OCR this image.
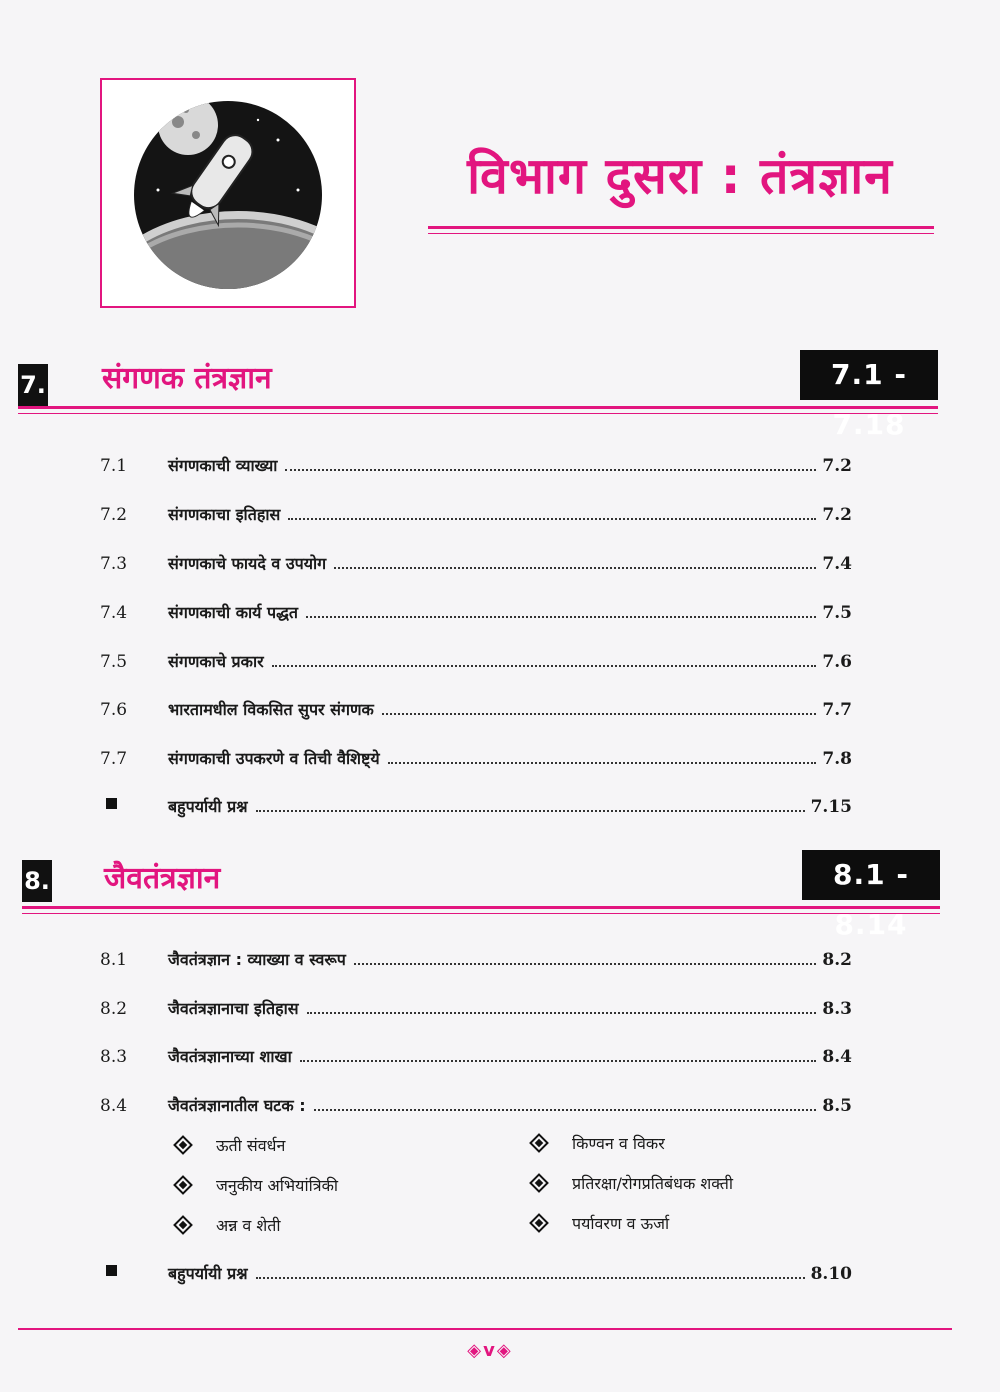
विभाग दुसरा : तंत्रज्ञान
7. संगणक तंत्रज्ञान	7.1 - 7.18
7.1	संगणकाची व्याख्या	7.2
7.2	संगणकाचा इतिहास	7.2
7.3	संगणकाचे फायदे व उपयोग	7.4
7.4	संगणकाची कार्य पद्धत	7.5
7.5	संगणकाचे प्रकार	7.6
7.6	भारतामधील विकसित सुपर संगणक	7.7
7.7	संगणकाची उपकरणे व तिची वैशिष्ट्ये	7.8
बहुपर्यायी प्रश्न	7.15
8. जैवतंत्रज्ञान	8.1 - 8.14
8.1	जैवतंत्रज्ञान : व्याख्या व स्वरूप	8.2
8.2	जैवतंत्रज्ञानाचा इतिहास	8.3
8.3	जैवतंत्रज्ञानाच्या शाखा	8.4
8.4	जैवतंत्रज्ञानातील घटक :	8.5
ऊती संवर्धन	किण्वन व विकर
जनुकीय अभियांत्रिकी	प्रतिरक्षा/रोगप्रतिबंधक शक्ती
अन्न व शेती	पर्यावरण व ऊर्जा
बहुपर्यायी प्रश्न	8.10
◈v◈
